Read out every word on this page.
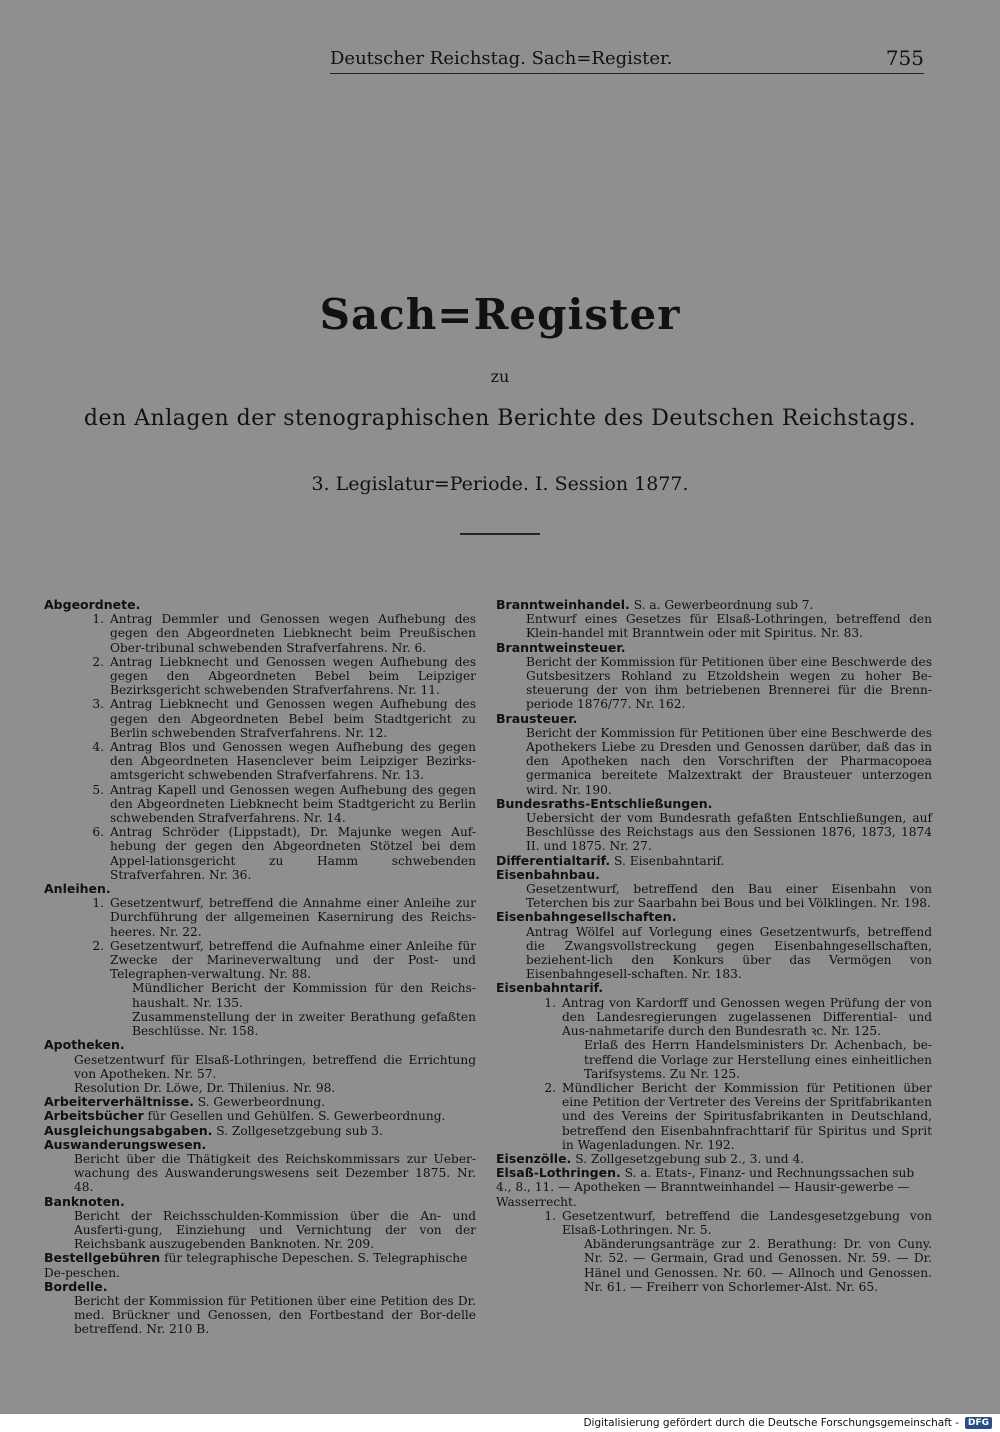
Deutscher Reichstag. Sach=Register.	755
Sach=Register
zu
den Anlagen der stenographischen Berichte des Deutschen Reichstags.
3. Legislatur=Periode. I. Session 1877.
Abgeordnete.
1. Antrag Demmler und Genossen wegen Aufhebung des gegen den Abgeordneten Liebknecht beim Preußischen Ober-tribunal schwebenden Strafverfahrens. Nr. 6.
2. Antrag Liebknecht und Genossen wegen Aufhebung des gegen den Abgeordneten Bebel beim Leipziger Bezirksgericht schwebenden Strafverfahrens. Nr. 11.
3. Antrag Liebknecht und Genossen wegen Aufhebung des gegen den Abgeordneten Bebel beim Stadtgericht zu Berlin schwebenden Strafverfahrens. Nr. 12.
4. Antrag Blos und Genossen wegen Aufhebung des gegen den Abgeordneten Hasenclever beim Leipziger Bezirks-amtsgericht schwebenden Strafverfahrens. Nr. 13.
5. Antrag Kapell und Genossen wegen Aufhebung des gegen den Abgeordneten Liebknecht beim Stadtgericht zu Berlin schwebenden Strafverfahrens. Nr. 14.
6. Antrag Schröder (Lippstadt), Dr. Majunke wegen Auf-hebung der gegen den Abgeordneten Stötzel bei dem Appel-lationsgericht zu Hamm schwebenden Strafverfahren. Nr. 36.
Anleihen.
1. Gesetzentwurf, betreffend die Annahme einer Anleihe zur Durchführung der allgemeinen Kasernirung des Reichs-heeres. Nr. 22.
2. Gesetzentwurf, betreffend die Aufnahme einer Anleihe für Zwecke der Marineverwaltung und der Post- und Telegraphen-verwaltung. Nr. 88.
Mündlicher Bericht der Kommission für den Reichs-haushalt. Nr. 135.
Zusammenstellung der in zweiter Berathung gefaßten Beschlüsse. Nr. 158.
Apotheken.
Gesetzentwurf für Elsaß-Lothringen, betreffend die Errichtung von Apotheken. Nr. 57.
Resolution Dr. Löwe, Dr. Thilenius. Nr. 98.
Arbeiterverhältnisse. S. Gewerbeordnung.
Arbeitsbücher für Gesellen und Gehülfen. S. Gewerbeordnung.
Ausgleichungsabgaben. S. Zollgesetzgebung sub 3.
Auswanderungswesen.
Bericht über die Thätigkeit des Reichskommissars zur Ueber-wachung des Auswanderungswesens seit Dezember 1875. Nr. 48.
Banknoten.
Bericht der Reichsschulden-Kommission über die An- und Ausferti-gung, Einziehung und Vernichtung der von der Reichsbank auszugebenden Banknoten. Nr. 209.
Bestellgebühren für telegraphische Depeschen. S. Telegraphische De-peschen.
Bordelle.
Bericht der Kommission für Petitionen über eine Petition des Dr. med. Brückner und Genossen, den Fortbestand der Bor-delle betreffend. Nr. 210 B.
Branntweinhandel. S. a. Gewerbeordnung sub 7.
Entwurf eines Gesetzes für Elsaß-Lothringen, betreffend den Klein-handel mit Branntwein oder mit Spiritus. Nr. 83.
Branntweinsteuer.
Bericht der Kommission für Petitionen über eine Beschwerde des Gutsbesitzers Rohland zu Etzoldshein wegen zu hoher Be-steuerung der von ihm betriebenen Brennerei für die Brenn-periode 1876/77. Nr. 162.
Brausteuer.
Bericht der Kommission für Petitionen über eine Beschwerde des Apothekers Liebe zu Dresden und Genossen darüber, daß das in den Apotheken nach den Vorschriften der Pharmacopoea germanica bereitete Malzextrakt der Brausteuer unterzogen wird. Nr. 190.
Bundesraths-Entschließungen.
Uebersicht der vom Bundesrath gefaßten Entschließungen, auf Beschlüsse des Reichstags aus den Sessionen 1876, 1873, 1874 II. und 1875. Nr. 27.
Differentialtarif. S. Eisenbahntarif.
Eisenbahnbau.
Gesetzentwurf, betreffend den Bau einer Eisenbahn von Teterchen bis zur Saarbahn bei Bous und bei Völklingen. Nr. 198.
Eisenbahngesellschaften.
Antrag Wölfel auf Vorlegung eines Gesetzentwurfs, betreffend die Zwangsvollstreckung gegen Eisenbahngesellschaften, beziehent-lich den Konkurs über das Vermögen von Eisenbahngesell-schaften. Nr. 183.
Eisenbahntarif.
1. Antrag von Kardorff und Genossen wegen Prüfung der von den Landesregierungen zugelassenen Differential- und Aus-nahmetarife durch den Bundesrath ꝛc. Nr. 125.
Erlaß des Herrn Handelsministers Dr. Achenbach, be-treffend die Vorlage zur Herstellung eines einheitlichen Tarifsystems. Zu Nr. 125.
2. Mündlicher Bericht der Kommission für Petitionen über eine Petition der Vertreter des Vereins der Spritfabrikanten und des Vereins der Spiritusfabrikanten in Deutschland, betreffend den Eisenbahnfrachttarif für Spiritus und Sprit in Wagenladungen. Nr. 192.
Eisenzölle. S. Zollgesetzgebung sub 2., 3. und 4.
Elsaß-Lothringen. S. a. Etats-, Finanz- und Rechnungssachen sub 4., 8., 11. — Apotheken — Branntweinhandel — Hausir-gewerbe — Wasserrecht.
1. Gesetzentwurf, betreffend die Landesgesetzgebung von Elsaß-Lothringen. Nr. 5.
Abänderungsanträge zur 2. Berathung: Dr. von Cuny. Nr. 52. — Germain, Grad und Genossen. Nr. 59. — Dr. Hänel und Genossen. Nr. 60. — Allnoch und Genossen. Nr. 61. — Freiherr von Schorlemer-Alst. Nr. 65.
Digitalisierung gefördert durch die Deutsche Forschungsgemeinschaft -	DFG
